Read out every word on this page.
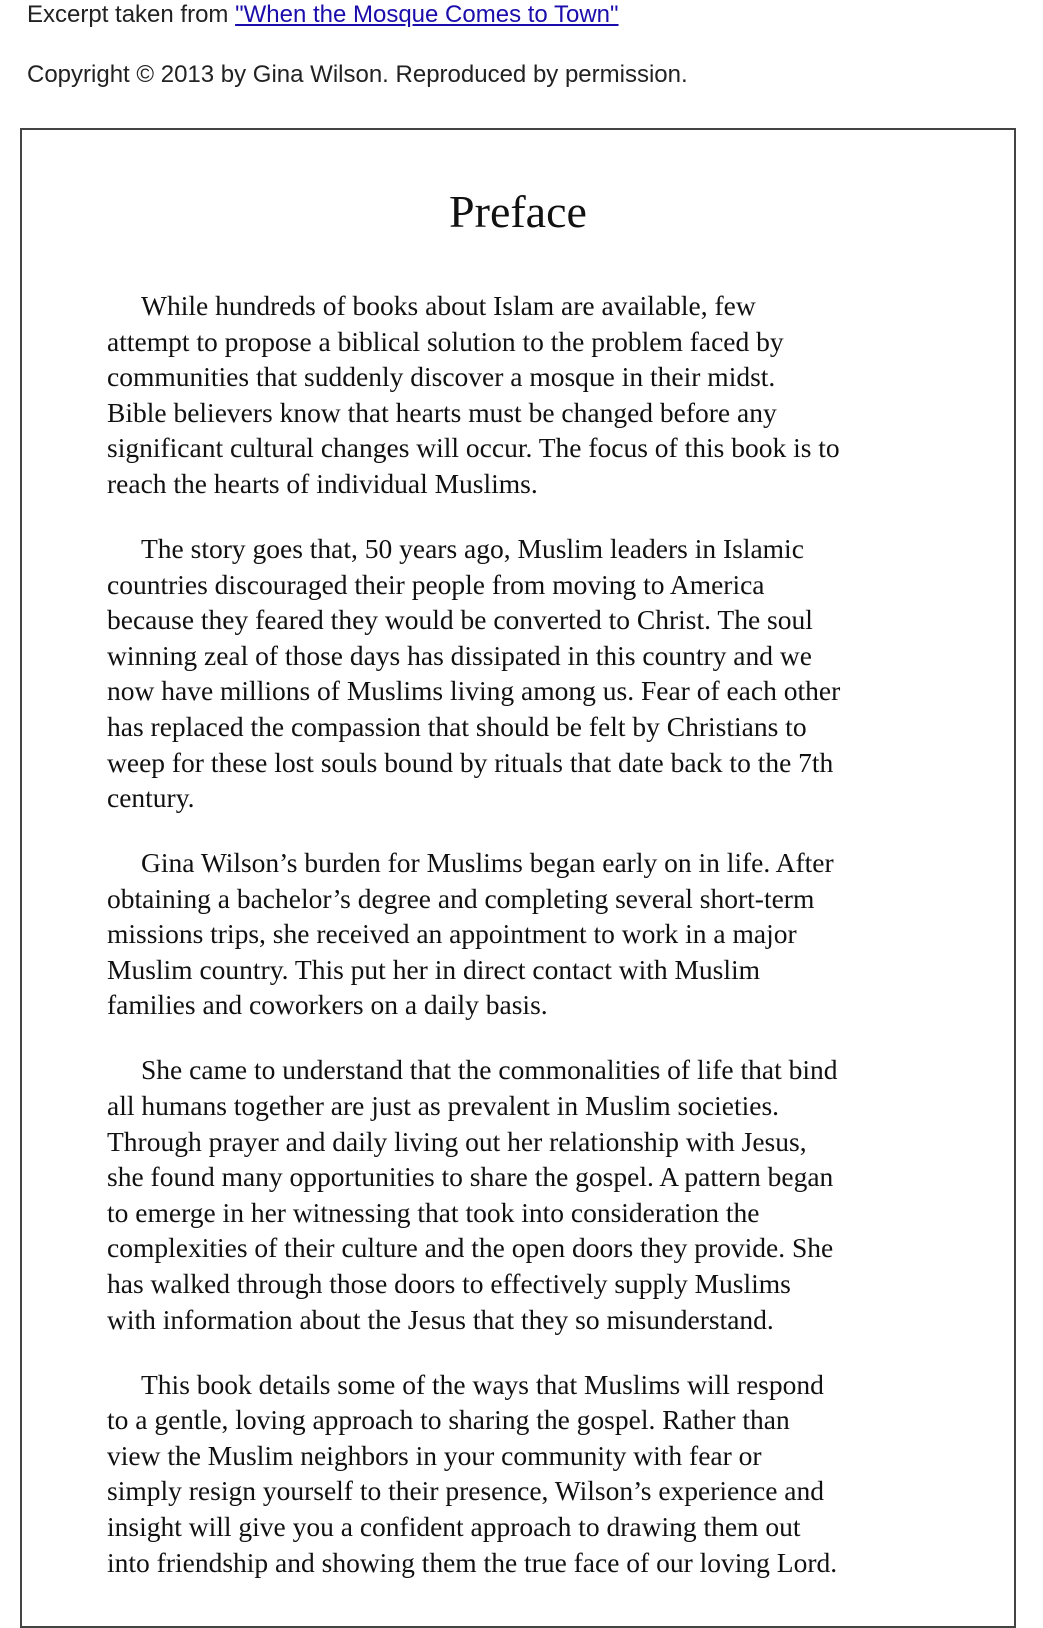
Excerpt taken from "When the Mosque Comes to Town"
Copyright © 2013 by Gina Wilson. Reproduced by permission.
Preface

While hundreds of books about Islam are available, few
attempt to propose a biblical solution to the problem faced by
communities that suddenly discover a mosque in their midst.
Bible believers know that hearts must be changed before any
significant cultural changes will occur. The focus of this book is to
reach the hearts of individual Muslims.

The story goes that, 50 years ago, Muslim leaders in Islamic
countries discouraged their people from moving to America
because they feared they would be converted to Christ. The soul
winning zeal of those days has dissipated in this country and we
now have millions of Muslims living among us. Fear of each other
has replaced the compassion that should be felt by Christians to
weep for these lost souls bound by rituals that date back to the 7th
century.

Gina Wilson’s burden for Muslims began early on in life. After
obtaining a bachelor’s degree and completing several short-term
missions trips, she received an appointment to work in a major
Muslim country. This put her in direct contact with Muslim
families and coworkers on a daily basis.

She came to understand that the commonalities of life that bind
all humans together are just as prevalent in Muslim societies.
Through prayer and daily living out her relationship with Jesus,
she found many opportunities to share the gospel. A pattern began
to emerge in her witnessing that took into consideration the
complexities of their culture and the open doors they provide. She
has walked through those doors to effectively supply Muslims
with information about the Jesus that they so misunderstand.

This book details some of the ways that Muslims will respond
to a gentle, loving approach to sharing the gospel. Rather than
view the Muslim neighbors in your community with fear or
simply resign yourself to their presence, Wilson’s experience and
insight will give you a confident approach to drawing them out
into friendship and showing them the true face of our loving Lord.
